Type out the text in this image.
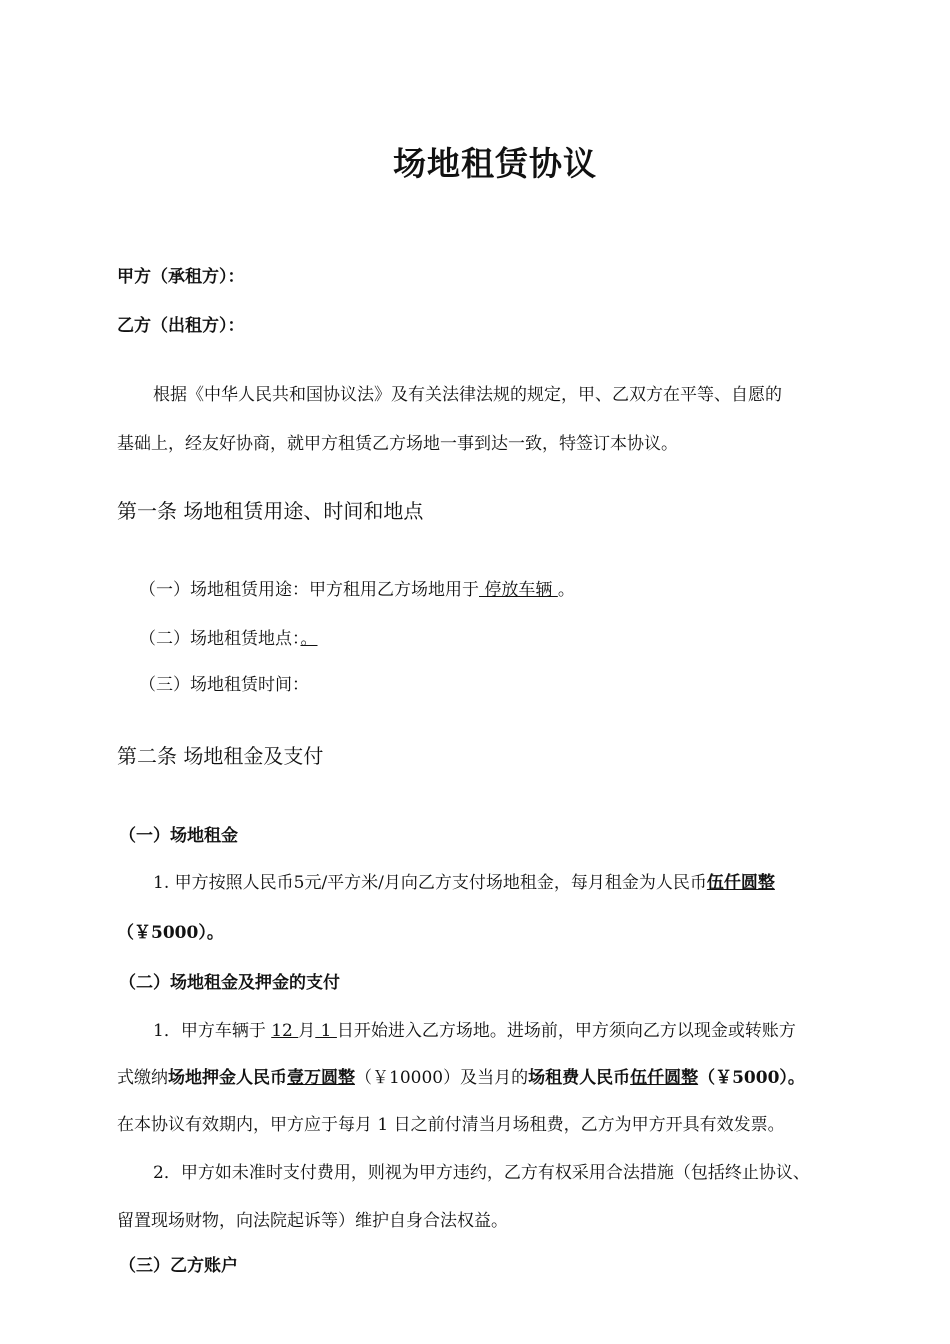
场地租赁协议
甲方（承租方）：
乙方（出租方）：
根据《中华人民共和国协议法》及有关法律法规的规定，甲、乙双方在平等、自愿的
基础上，经友好协商，就甲方租赁乙方场地一事到达一致，特签订本协议。
第一条 场地租赁用途、时间和地点
（一）场地租赁用途：甲方租用乙方场地用于 停放车辆 。
（二）场地租赁地点：。
（三）场地租赁时间：
第二条 场地租金及支付
（一）场地租金
1. 甲方按照人民币5元/平方米/月向乙方支付场地租金，每月租金为人民币伍仟圆整
（￥5000）。
（二）场地租金及押金的支付
1．甲方车辆于 12 月 1 日开始进入乙方场地。进场前，甲方须向乙方以现金或转账方
式缴纳场地押金人民币壹万圆整（￥10000）及当月的场租费人民币伍仟圆整（￥5000）。
在本协议有效期内，甲方应于每月 1 日之前付清当月场租费，乙方为甲方开具有效发票。
2．甲方如未准时支付费用，则视为甲方违约，乙方有权采用合法措施（包括终止协议、
留置现场财物，向法院起诉等）维护自身合法权益。
（三）乙方账户
